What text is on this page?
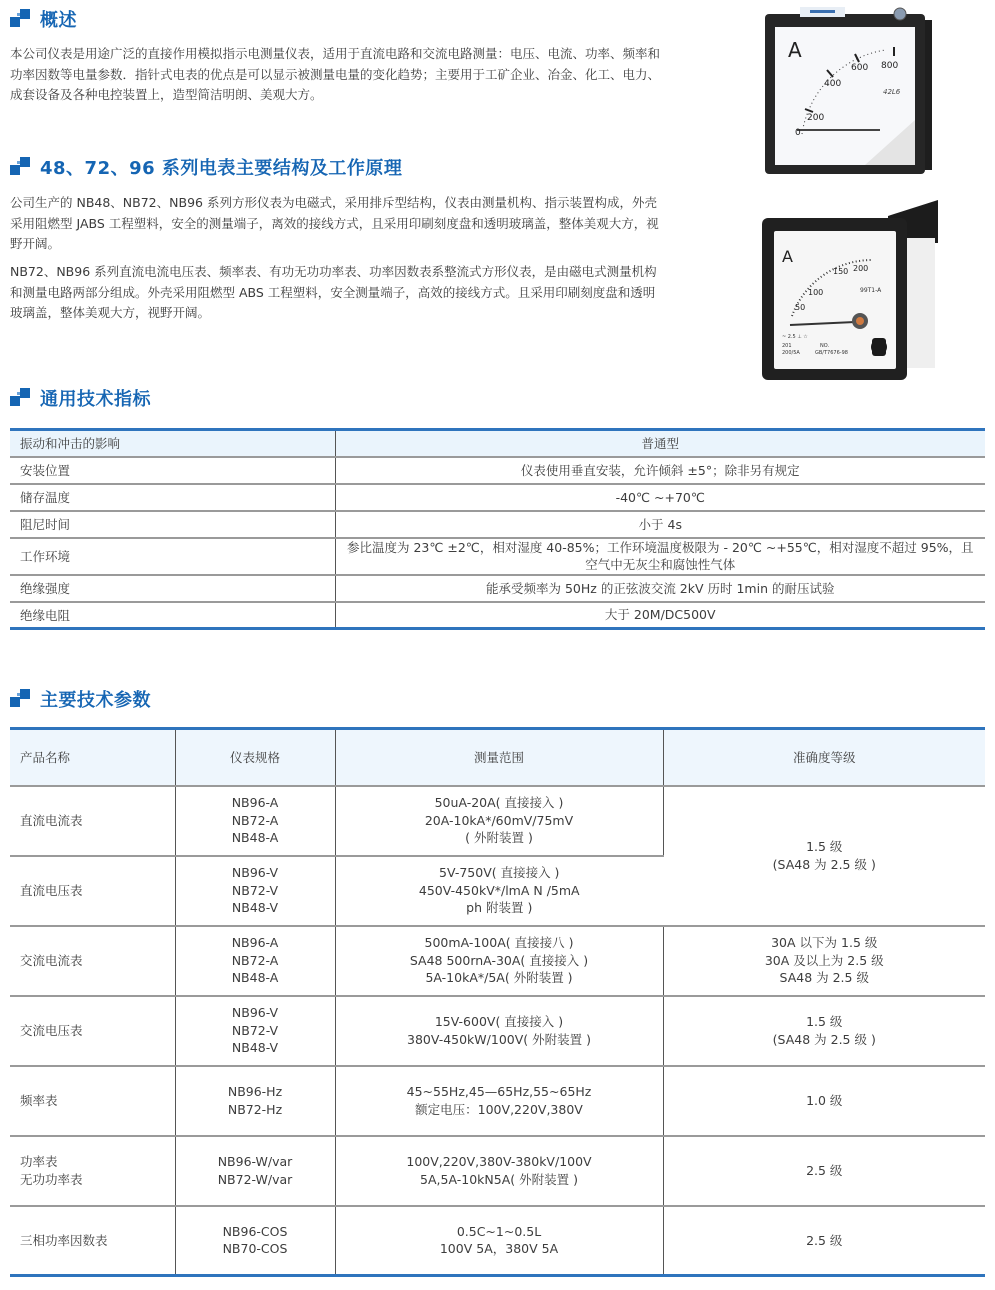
概述

本公司仪表是用途广泛的直接作用模拟指示电测量仪表，适用于直流电路和交流电路测量：电压、电流、功率、频率和功率因数等电量参数．指针式电表的优点是可以显示被测量电量的变化趋势；主要用于工矿企业、冶金、化工、电力、成套设备及各种电控装置上，造型简洁明朗、美观大方。

48、72、96 系列电表主要结构及工作原理

公司生产的 NB48、NB72、NB96 系列方形仪表为电磁式，采用排斥型结构，仪表由测量机构、指示装置构成，外壳采用阻燃型 JABS 工程塑料，安全的测量端子，离效的接线方式，且采用印刷刻度盘和透明玻璃盖，整体美观大方，视野开阔。

NB72、NB96 系列直流电流电压表、频率表、有功无功功率表、功率因数表系整流式方形仪表，是由磁电式测量机构和测量电路两部分组成。外壳采用阻燃型 ABS 工程塑料，安全测量端子，高效的接线方式。且采用印刷刻度盘和透明玻璃盖，整体美观大方，视野开阔。

A
0
200
400
600 800
42L6
A
50
100
150 200
99T1-A
~ 2.5 ⊥ ☆
201	NO.
200/5A	GB/T7676-98
通用技术指标
振动和冲击的影响	普通型
安装位置	仪表使用垂直安装，允许倾斜 ±5°；除非另有规定
储存温度	-40℃ ~+70℃
阻尼时间	小于 4s
工作环境	参比温度为 23℃ ±2℃，相对湿度 40-85%；工作环境温度极限为 - 20℃ ~+55℃，相对湿度不超过 95%，且空气中无灰尘和腐蚀性气体
绝缘强度	能承受频率为 50Hz 的正弦波交流 2kV 历时 1min 的耐压试验
绝缘电阻	大于 20M/DC500V
主要技术参数
产品名称	仪表规格	测量范围	准确度等级

直流电流表	NB96-A
NB72-A
NB48-A	50uA-20A( 直接接入 )
20A-10kA*/60mV/75mV
( 外附装置 )	1.5 级
(SA48 为 2.5 级 )

直流电压表	NB96-V
NB72-V
NB48-V	5V-750V( 直接接入 )
450V-450kV*/lmA N /5mA
ph 附装置 )	

交流电流表	NB96-A
NB72-A
NB48-A	500mA-100A( 直接接八 )
SA48 500rnA-30A( 直接接入 )
5A-10kA*/5A( 外附装置 )	30A 以下为 1.5 级
30A 及以上为 2.5 级
SA48 为 2.5 级

交流电压表	NB96-V
NB72-V
NB48-V	15V-600V( 直接接入 )
380V-450kW/100V( 外附装置 )	1.5 级
(SA48 为 2.5 级 )

频率表	NB96-Hz
NB72-Hz	45~55Hz,45—65Hz,55~65Hz
额定电压：100V,220V,380V	1.0 级

功率表
无功功率表	NB96-W/var
NB72-W/var	100V,220V,380V-380kV/100V
5A,5A-10kN5A( 外附装置 )	2.5 级

三相功率因数表	NB96-COS
NB70-COS	0.5C~1~0.5L
100V 5A，380V 5A	2.5 级
